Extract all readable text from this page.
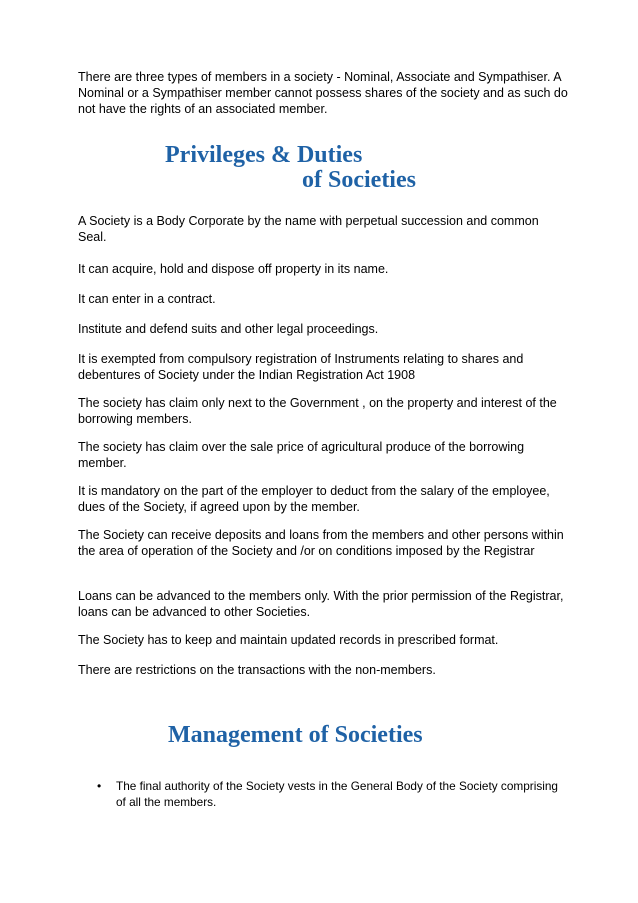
There are three types of members in a society - Nominal, Associate and Sympathiser. A Nominal or a Sympathiser member cannot possess shares of the society and as such do not have the rights of an associated member.

Privileges & Duties
of Societies

A Society is a Body Corporate by the name with perpetual succession and common Seal.

It can acquire, hold and dispose off property in its name.

It can enter in a contract.

Institute and defend suits and other legal proceedings.

It is exempted from compulsory registration of Instruments relating to shares and debentures of Society under the Indian Registration Act 1908

The society has claim only next to the Government , on the property and interest of the borrowing members.

The society has claim over the sale price of agricultural produce of the borrowing member.

It is mandatory on the part of the employer to deduct from the salary of the employee, dues of the Society, if agreed upon by the member.

The Society can receive deposits and loans from the members and other persons within the area of operation of the Society and /or on conditions imposed by the Registrar

Loans can be advanced to the members only. With the prior permission of the Registrar, loans can be advanced to other Societies.

The Society has to keep and maintain updated records in prescribed format.

There are restrictions on the transactions with the non-members.

Management of Societies
• The final authority of the Society vests in the General Body of the Society comprising of all the members.
